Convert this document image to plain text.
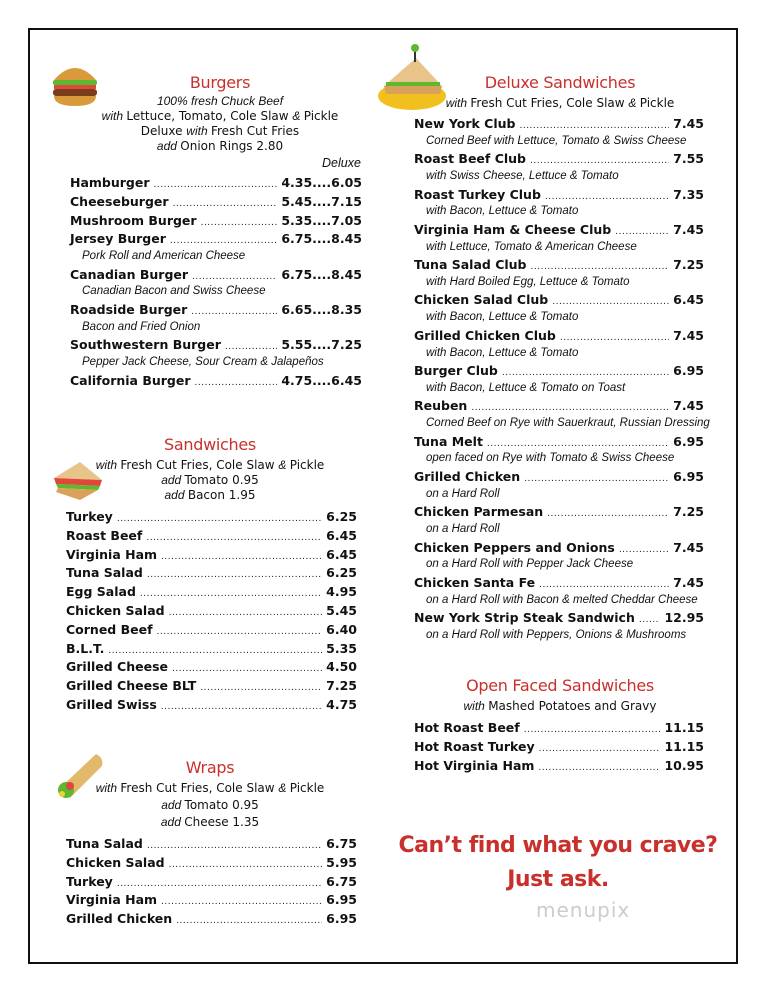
Burgers
100% fresh Chuck Beef
with Lettuce, Tomato, Cole Slaw & Pickle
Deluxe with Fresh Cut Fries
add Onion Rings 2.80
Deluxe
Hamburger .....	4.35 .... 6.05
Cheeseburger .....	5.45 .... 7.15
Mushroom Burger .....	5.35 .... 7.05
Jersey Burger .....	6.75 .... 8.45
Pork Roll and American Cheese
Canadian Burger .....	6.75 .... 8.45
Canadian Bacon and Swiss Cheese
Roadside Burger .....	6.65 .... 8.35
Bacon and Fried Onion
Southwestern Burger .....	5.55 .... 7.25
Pepper Jack Cheese, Sour Cream & Jalapeños
California Burger .....	4.75 .... 6.45
Sandwiches
with Fresh Cut Fries, Cole Slaw & Pickle
add Tomato 0.95
add Bacon 1.95
Turkey .....	6.25
Roast Beef .....	6.45
Virginia Ham .....	6.45
Tuna Salad .....	6.25
Egg Salad .....	4.95
Chicken Salad .....	5.45
Corned Beef .....	6.40
B.L.T. .....	5.35
Grilled Cheese .....	4.50
Grilled Cheese BLT .....	7.25
Grilled Swiss .....	4.75
Wraps
with Fresh Cut Fries, Cole Slaw & Pickle
add Tomato 0.95
add Cheese 1.35
Tuna Salad .....	6.75
Chicken Salad .....	5.95
Turkey .....	6.75
Virginia Ham .....	6.95
Grilled Chicken .....	6.95
Deluxe Sandwiches
with Fresh Cut Fries, Cole Slaw & Pickle
New York Club .....	7.45
Corned Beef with Lettuce, Tomato & Swiss Cheese
Roast Beef Club .....	7.55
with Swiss Cheese, Lettuce & Tomato
Roast Turkey Club .....	7.35
with Bacon, Lettuce & Tomato
Virginia Ham & Cheese Club .....	7.45
with Lettuce, Tomato & American Cheese
Tuna Salad Club .....	7.25
with Hard Boiled Egg, Lettuce & Tomato
Chicken Salad Club .....	6.45
with Bacon, Lettuce & Tomato
Grilled Chicken Club .....	7.45
with Bacon, Lettuce & Tomato
Burger Club .....	6.95
with Bacon, Lettuce & Tomato on Toast
Reuben .....	7.45
Corned Beef on Rye with Sauerkraut, Russian Dressing
Tuna Melt .....	6.95
open faced on Rye with Tomato & Swiss Cheese
Grilled Chicken .....	6.95
on a Hard Roll
Chicken Parmesan .....	7.25
on a Hard Roll
Chicken Peppers and Onions .....	7.45
on a Hard Roll with Pepper Jack Cheese
Chicken Santa Fe .....	7.45
on a Hard Roll with Bacon & melted Cheddar Cheese
New York Strip Steak Sandwich ..... 12.95
on a Hard Roll with Peppers, Onions & Mushrooms
Open Faced Sandwiches
with Mashed Potatoes and Gravy
Hot Roast Beef .....	11.15
Hot Roast Turkey .....	11.15
Hot Virginia Ham .....	10.95
Can’t find what you crave?
Just ask.
menupix
